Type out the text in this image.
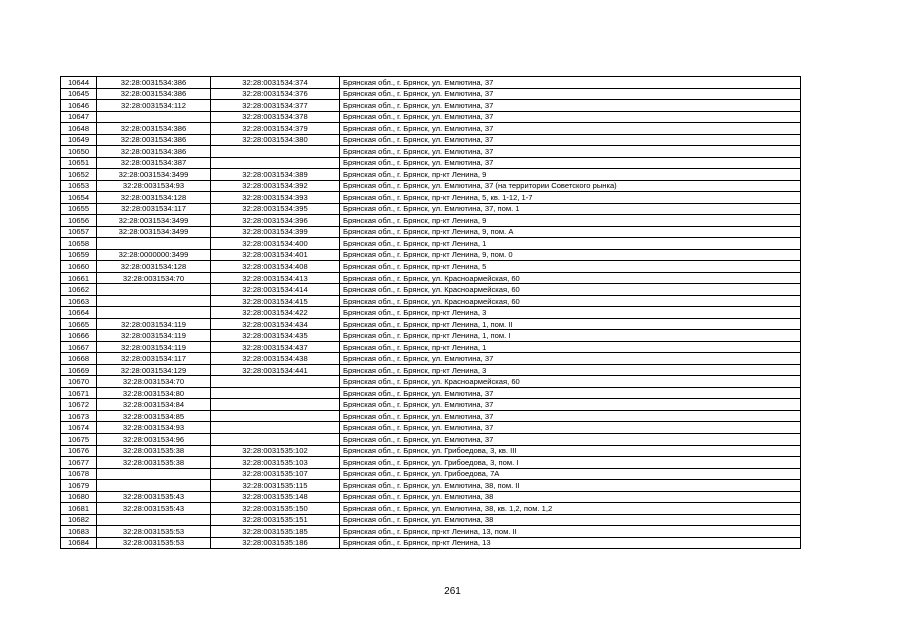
10644	32:28:0031534:386	32:28:0031534:374	Брянская обл., г. Брянск, ул. Емлютина, 37
10645	32:28:0031534:386	32:28:0031534:376	Брянская обл., г. Брянск, ул. Емлютина, 37
10646	32:28:0031534:112	32:28:0031534:377	Брянская обл., г. Брянск, ул. Емлютина, 37
10647		32:28:0031534:378	Брянская обл., г. Брянск, ул. Емлютина, 37
10648	32:28:0031534:386	32:28:0031534:379	Брянская обл., г. Брянск, ул. Емлютина, 37
10649	32:28:0031534:386	32:28:0031534:380	Брянская обл., г. Брянск, ул. Емлютина, 37
10650	32:28:0031534:386		Брянская обл., г. Брянск, ул. Емлютина, 37
10651	32:28:0031534:387		Брянская обл., г. Брянск, ул. Емлютина, 37
10652	32:28:0031534:3499	32:28:0031534:389	Брянская обл., г. Брянск, пр-кт Ленина, 9
10653	32:28:0031534:93	32:28:0031534:392	Брянская обл., г. Брянск, ул. Емлютина, 37 (на территории Советского рынка)
10654	32:28:0031534:128	32:28:0031534:393	Брянская обл., г. Брянск, пр-кт Ленина, 5, кв. 1-12, 1-7
10655	32:28:0031534:117	32:28:0031534:395	Брянская обл., г. Брянск, ул. Емлютина, 37, пом. 1
10656	32:28:0031534:3499	32:28:0031534:396	Брянская обл., г. Брянск, пр-кт Ленина, 9
10657	32:28:0031534:3499	32:28:0031534:399	Брянская обл., г. Брянск, пр-кт Ленина, 9, пом. А
10658		32:28:0031534:400	Брянская обл., г. Брянск, пр-кт Ленина, 1
10659	32:28:0000000:3499	32:28:0031534:401	Брянская обл., г. Брянск, пр-кт Ленина, 9, пом. 0
10660	32:28:0031534:128	32:28:0031534:408	Брянская обл., г. Брянск, пр-кт Ленина, 5
10661	32:28:0031534:70	32:28:0031534:413	Брянская обл., г. Брянск, ул. Красноармейская, 60
10662		32:28:0031534:414	Брянская обл., г. Брянск, ул. Красноармейская, 60
10663		32:28:0031534:415	Брянская обл., г. Брянск, ул. Красноармейская, 60
10664		32:28:0031534:422	Брянская обл., г. Брянск, пр-кт Ленина, 3
10665	32:28:0031534:119	32:28:0031534:434	Брянская обл., г. Брянск, пр-кт Ленина, 1, пом. II
10666	32:28:0031534:119	32:28:0031534:435	Брянская обл., г. Брянск, пр-кт Ленина, 1, пом. I
10667	32:28:0031534:119	32:28:0031534:437	Брянская обл., г. Брянск, пр-кт Ленина, 1
10668	32:28:0031534:117	32:28:0031534:438	Брянская обл., г. Брянск, ул. Емлютина, 37
10669	32:28:0031534:129	32:28:0031534:441	Брянская обл., г. Брянск, пр-кт Ленина, 3
10670	32:28:0031534:70		Брянская обл., г. Брянск, ул. Красноармейская, 60
10671	32:28:0031534:80		Брянская обл., г. Брянск, ул. Емлютина, 37
10672	32:28:0031534:84		Брянская обл., г. Брянск, ул. Емлютина, 37
10673	32:28:0031534:85		Брянская обл., г. Брянск, ул. Емлютина, 37
10674	32:28:0031534:93		Брянская обл., г. Брянск, ул. Емлютина, 37
10675	32:28:0031534:96		Брянская обл., г. Брянск, ул. Емлютина, 37
10676	32:28:0031535:38	32:28:0031535:102	Брянская обл., г. Брянск, ул. Грибоедова, 3, кв. III
10677	32:28:0031535:38	32:28:0031535:103	Брянская обл., г. Брянск, ул. Грибоедова, 3, пом. I
10678		32:28:0031535:107	Брянская обл., г. Брянск, ул. Грибоедова, 7А
10679		32:28:0031535:115	Брянская обл., г. Брянск, ул. Емлютина, 38, пом. II
10680	32:28:0031535:43	32:28:0031535:148	Брянская обл., г. Брянск, ул. Емлютина, 38
10681	32:28:0031535:43	32:28:0031535:150	Брянская обл., г. Брянск, ул. Емлютина, 38, кв. 1,2, пом. 1,2
10682		32:28:0031535:151	Брянская обл., г. Брянск, ул. Емлютина, 38
10683	32:28:0031535:53	32:28:0031535:185	Брянская обл., г. Брянск, пр-кт Ленина, 13, пом. II
10684	32:28:0031535:53	32:28:0031535:186	Брянская обл., г. Брянск, пр-кт Ленина, 13
261
